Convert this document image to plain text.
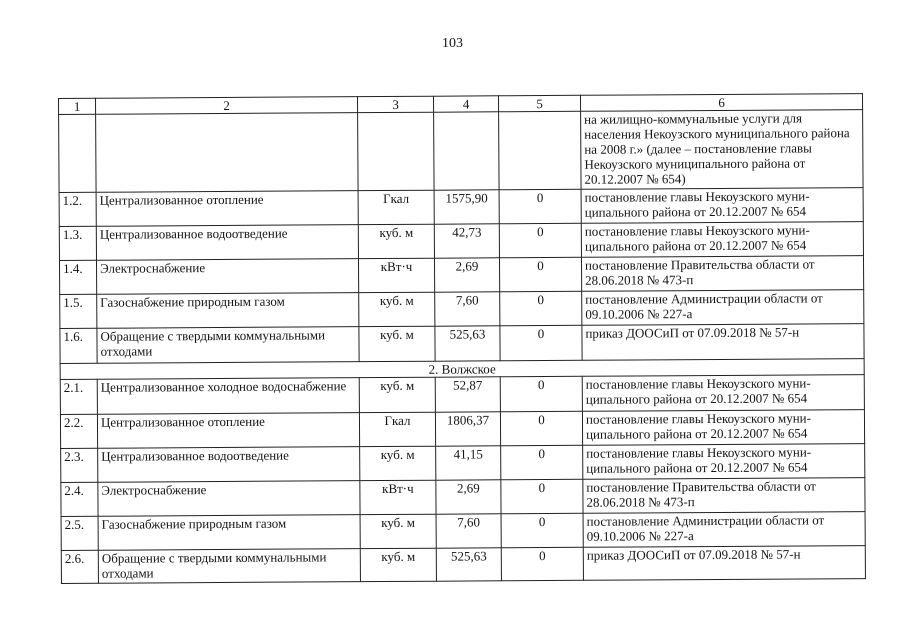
103
1	2	3	4	5	6
					на жилищно-коммунальные услуги для населения Некоузского муниципального района на 2008 г.» (далее – постановление главы Некоузского муниципального района от 20.12.2007 № 654)
1.2.	Централизованное отопление	Гкал	1575,90	0	постановление главы Некоузского муни-ципального района от 20.12.2007 № 654
1.3.	Централизованное водоотведение	куб. м	42,73	0	постановление главы Некоузского муни-ципального района от 20.12.2007 № 654
1.4.	Электроснабжение	кВт·ч	2,69	0	постановление Правительства области от 28.06.2018 № 473-п
1.5.	Газоснабжение природным газом	куб. м	7,60	0	постановление Администрации области от 09.10.2006 № 227-а
1.6.	Обращение с твердыми коммунальными отходами	куб. м	525,63	0	приказ ДООСиП от 07.09.2018 № 57-н
2. Волжское					
2.1.	Централизованное холодное водоснабжение	куб. м	52,87	0	постановление главы Некоузского муни-ципального района от 20.12.2007 № 654
2.2.	Централизованное отопление	Гкал	1806,37	0	постановление главы Некоузского муни-ципального района от 20.12.2007 № 654
2.3.	Централизованное водоотведение	куб. м	41,15	0	постановление главы Некоузского муни-ципального района от 20.12.2007 № 654
2.4.	Электроснабжение	кВт·ч	2,69	0	постановление Правительства области от 28.06.2018 № 473-п
2.5.	Газоснабжение природным газом	куб. м	7,60	0	постановление Администрации области от 09.10.2006 № 227-а
2.6.	Обращение с твердыми коммунальными отходами	куб. м	525,63	0	приказ ДООСиП от 07.09.2018 № 57-н
